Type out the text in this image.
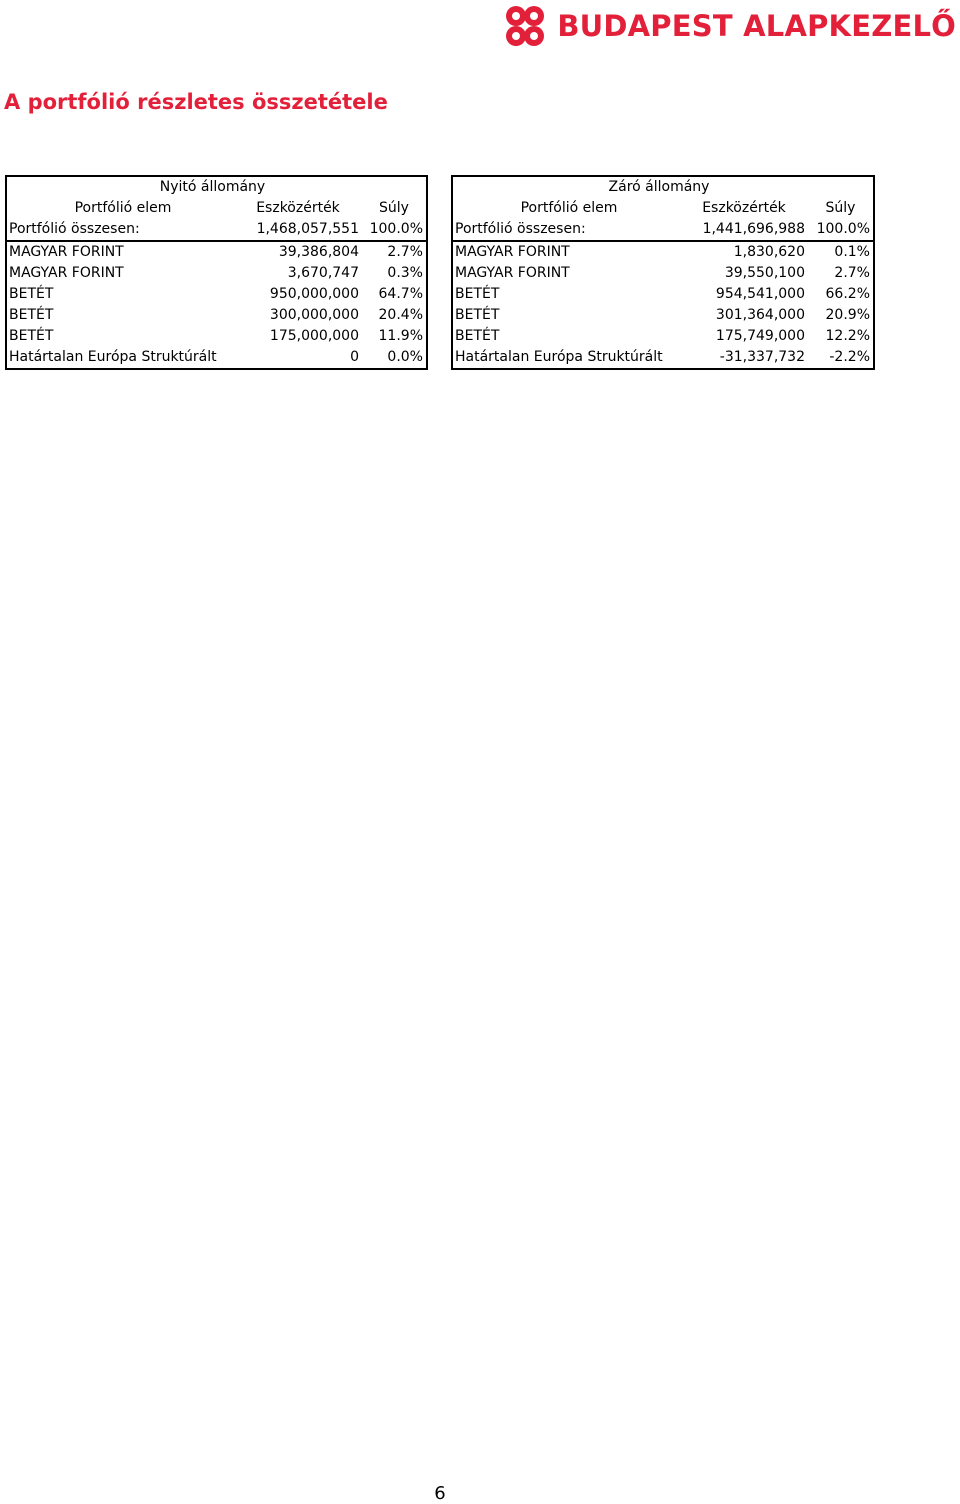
BUDAPEST ALAPKEZELŐ
A portfólió részletes összetétele
Nyitó állomány
Portfólió elem	Eszközérték	Súly
Portfólió összesen:	1,468,057,551 100.0%
MAGYAR FORINT	39,386,804	2.7%
MAGYAR FORINT	3,670,747	0.3%
BETÉT	950,000,000	64.7%
BETÉT	300,000,000	20.4%
BETÉT	175,000,000	11.9%
Határtalan Európa Struktúrált	0	0.0%
Záró állomány
Portfólió elem	Eszközérték	Súly
Portfólió összesen:	1,441,696,988 100.0%
MAGYAR FORINT	1,830,620	0.1%
MAGYAR FORINT	39,550,100	2.7%
BETÉT	954,541,000	66.2%
BETÉT	301,364,000	20.9%
BETÉT	175,749,000	12.2%
Határtalan Európa Struktúrált	-31,337,732	-2.2%
6
